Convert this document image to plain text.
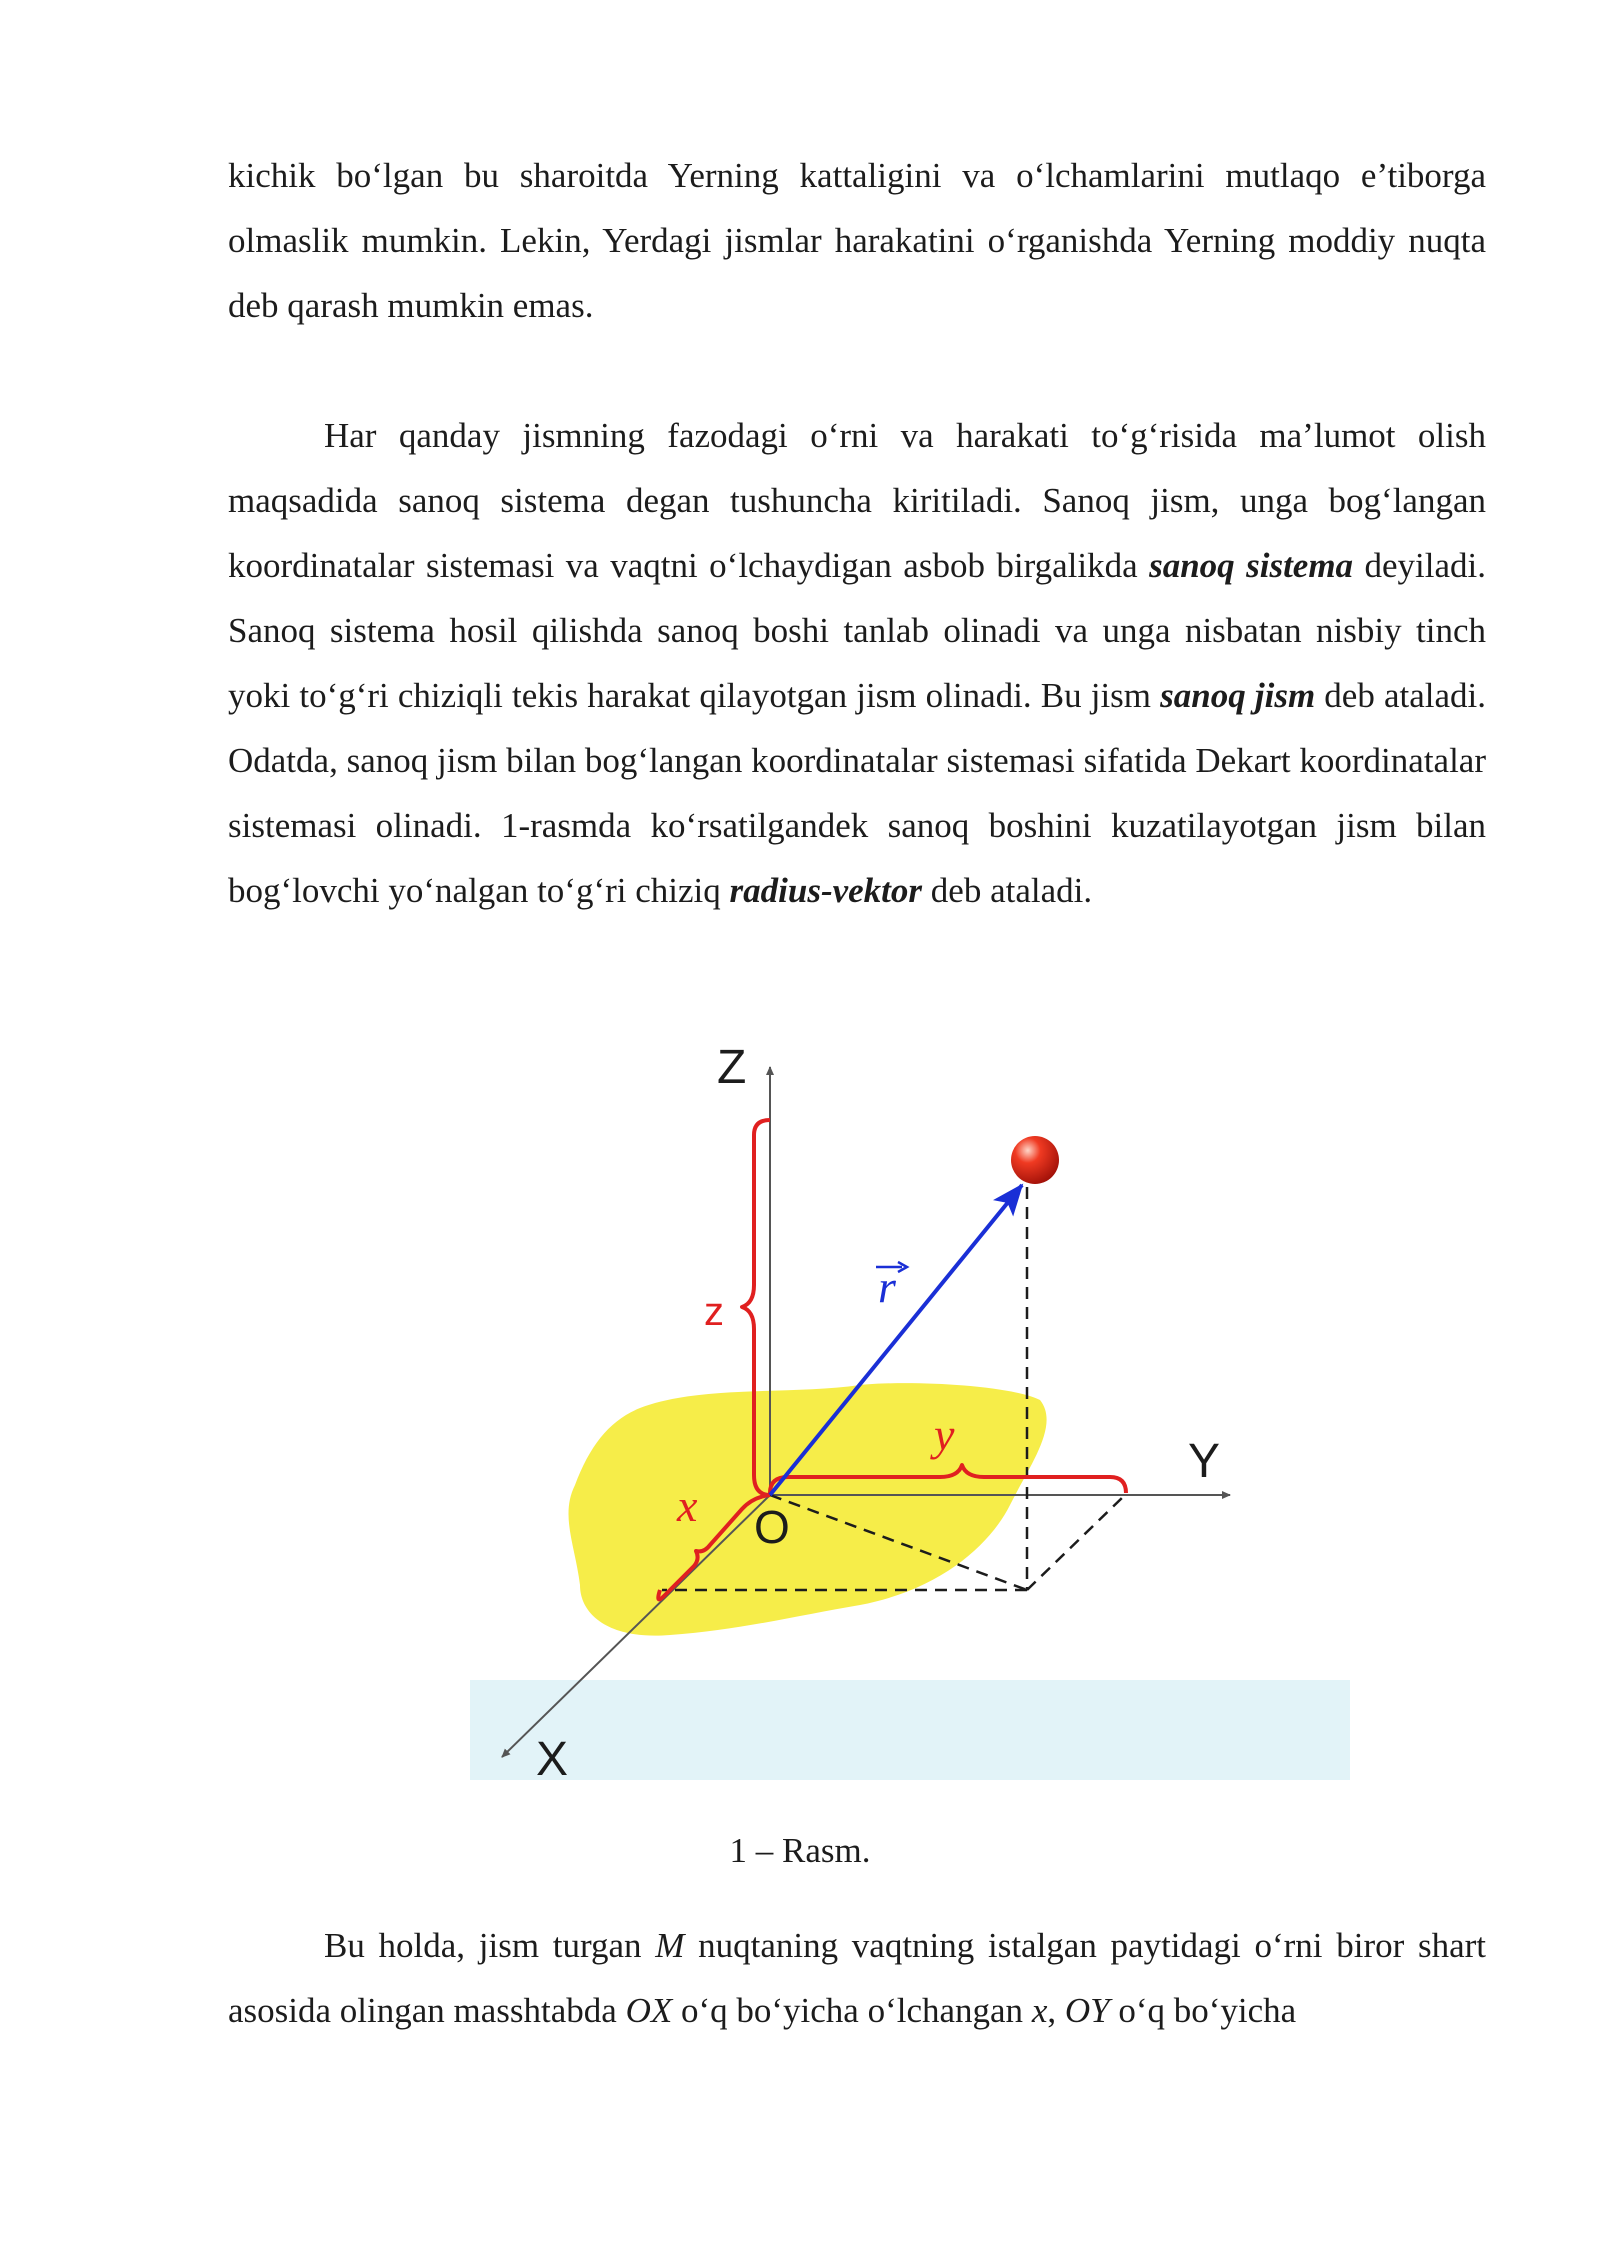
kichik bo‘lgan bu sharoitda Yerning kattaligini va o‘lchamlarini mutlaqo e’tiborga olmaslik mumkin. Lekin, Yerdagi jismlar harakatini o‘rganishda Yerning moddiy nuqta deb qarash mumkin emas.

Har qanday jismning fazodagi o‘rni va harakati to‘g‘risida ma’lumot olish maqsadida sanoq sistema degan tushuncha kiritiladi. Sanoq jism, unga bog‘langan koordinatalar sistemasi va vaqtni o‘lchaydigan asbob birgalikda sanoq sistema deyiladi. Sanoq sistema hosil qilishda sanoq boshi tanlab olinadi va unga nisbatan nisbiy tinch yoki to‘g‘ri chiziqli tekis harakat qilayotgan jism olinadi. Bu jism sanoq jism deb ataladi. Odatda, sanoq jism bilan bog‘langan koordinatalar sistemasi sifatida Dekart koordinatalar sistemasi olinadi. 1-rasmda ko‘rsatilgandek sanoq boshini kuzatilayotgan jism bilan bog‘lovchi yo‘nalgan to‘g‘ri chiziq radius-vektor deb ataladi.

Z
Y
X
O
z
y
x
r

1 – Rasm.

Bu holda, jism turgan M nuqtaning vaqtning istalgan paytidagi o‘rni biror shart asosida olingan masshtabda OX o‘q bo‘yicha o‘lchangan x, OY o‘q bo‘yicha
